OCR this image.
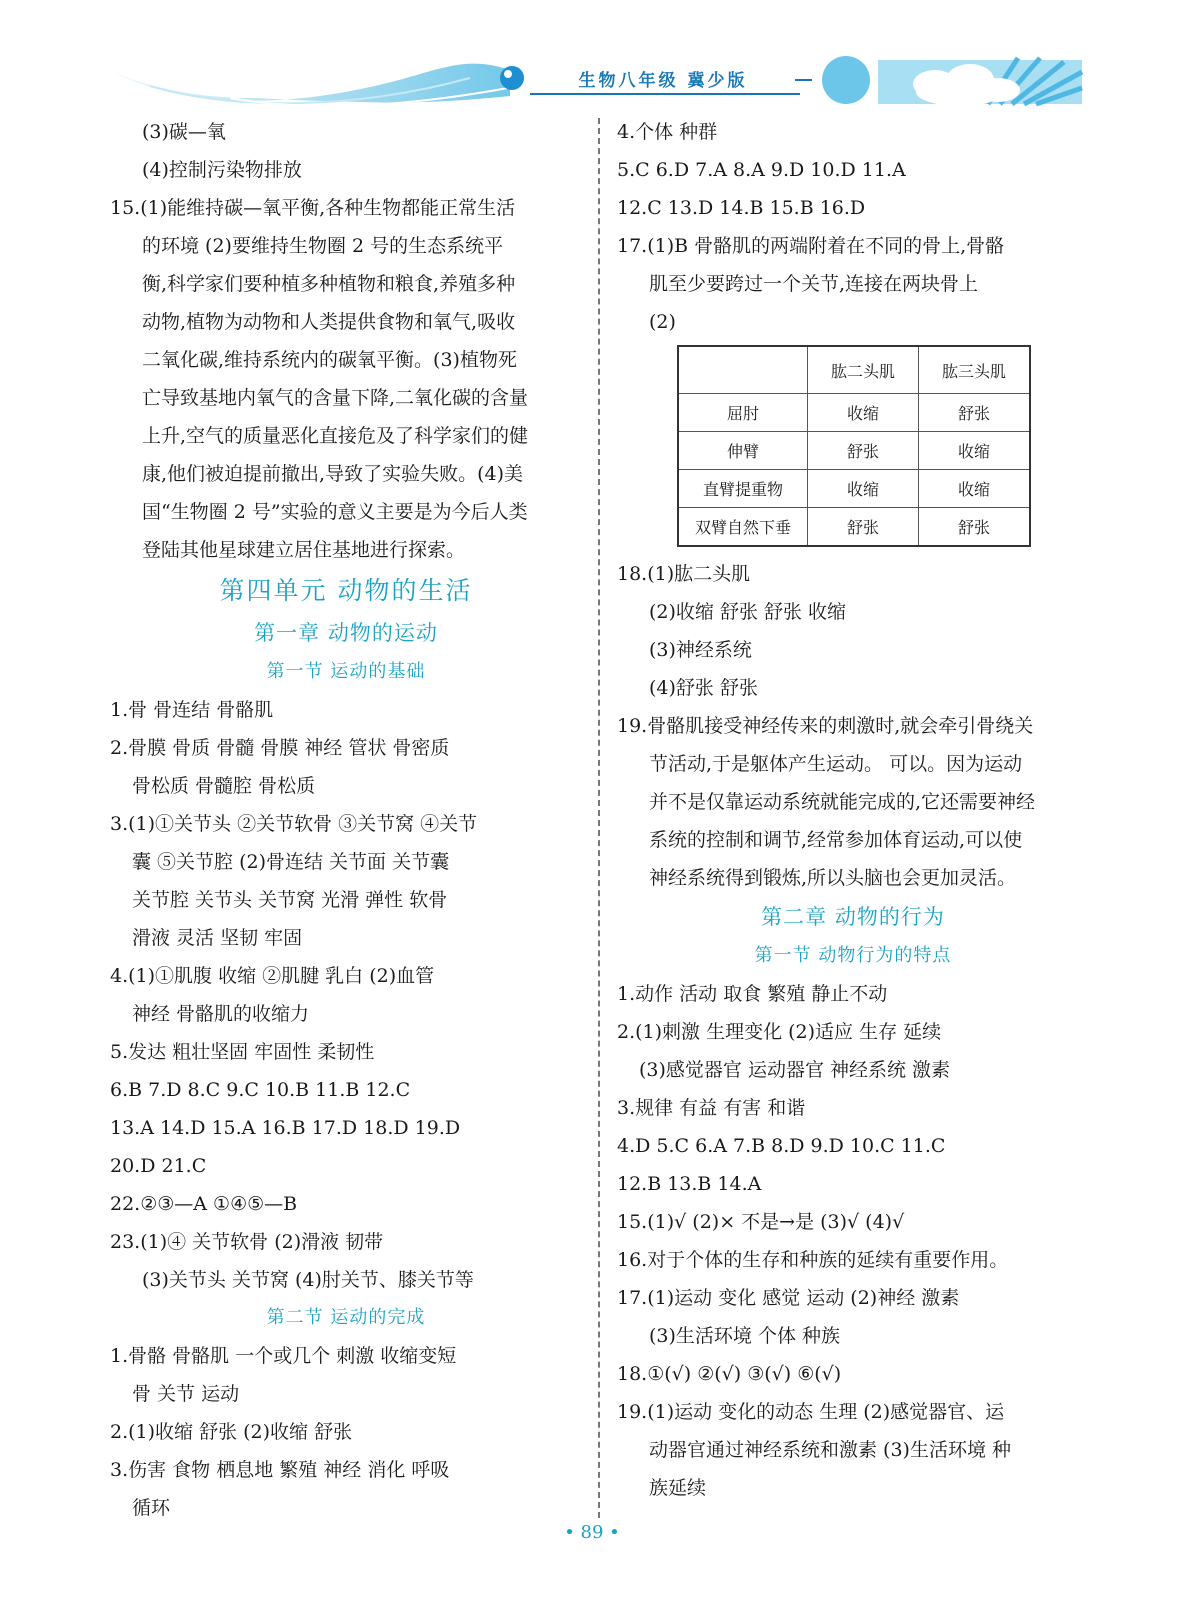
生物八年级 冀少版
(3)碳—氧
(4)控制污染物排放
15.(1)能维持碳—氧平衡,各种生物都能正常生活
的环境 (2)要维持生物圈 2 号的生态系统平
衡,科学家们要种植多种植物和粮食,养殖多种
动物,植物为动物和人类提供食物和氧气,吸收
二氧化碳,维持系统内的碳氧平衡。(3)植物死
亡导致基地内氧气的含量下降,二氧化碳的含量
上升,空气的质量恶化直接危及了科学家们的健
康,他们被迫提前撤出,导致了实验失败。(4)美
国“生物圈 2 号”实验的意义主要是为今后人类
登陆其他星球建立居住基地进行探索。
第四单元 动物的生活
第一章 动物的运动
第一节 运动的基础
1.骨 骨连结 骨骼肌
2.骨膜 骨质 骨髓 骨膜 神经 管状 骨密质
骨松质 骨髓腔 骨松质
3.(1)①关节头 ②关节软骨 ③关节窝 ④关节
囊 ⑤关节腔 (2)骨连结 关节面 关节囊
关节腔 关节头 关节窝 光滑 弹性 软骨
滑液 灵活 坚韧 牢固
4.(1)①肌腹 收缩 ②肌腱 乳白 (2)血管
神经 骨骼肌的收缩力
5.发达 粗壮坚固 牢固性 柔韧性
6.B 7.D 8.C 9.C 10.B 11.B 12.C
13.A 14.D 15.A 16.B 17.D 18.D 19.D
20.D 21.C
22.②③—A ①④⑤—B
23.(1)④ 关节软骨 (2)滑液 韧带
(3)关节头 关节窝 (4)肘关节、膝关节等
第二节 运动的完成
1.骨骼 骨骼肌 一个或几个 刺激 收缩变短
骨 关节 运动
2.(1)收缩 舒张 (2)收缩 舒张
3.伤害 食物 栖息地 繁殖 神经 消化 呼吸
循环
4.个体 种群
5.C 6.D 7.A 8.A 9.D 10.D 11.A
12.C 13.D 14.B 15.B 16.D
17.(1)B 骨骼肌的两端附着在不同的骨上,骨骼
肌至少要跨过一个关节,连接在两块骨上
(2)
	肱二头肌	肱三头肌
屈肘	收缩	舒张
伸臂	舒张	收缩
直臂提重物	收缩	收缩
双臂自然下垂	舒张	舒张
18.(1)肱二头肌
(2)收缩 舒张 舒张 收缩
(3)神经系统
(4)舒张 舒张
19.骨骼肌接受神经传来的刺激时,就会牵引骨绕关
节活动,于是躯体产生运动。 可以。因为运动
并不是仅靠运动系统就能完成的,它还需要神经
系统的控制和调节,经常参加体育运动,可以使
神经系统得到锻炼,所以头脑也会更加灵活。
第二章 动物的行为
第一节 动物行为的特点
1.动作 活动 取食 繁殖 静止不动
2.(1)刺激 生理变化 (2)适应 生存 延续
(3)感觉器官 运动器官 神经系统 激素
3.规律 有益 有害 和谐
4.D 5.C 6.A 7.B 8.D 9.D 10.C 11.C
12.B 13.B 14.A
15.(1)√ (2)× 不是→是 (3)√ (4)√
16.对于个体的生存和种族的延续有重要作用。
17.(1)运动 变化 感觉 运动 (2)神经 激素
(3)生活环境 个体 种族
18.①(√) ②(√) ③(√) ⑥(√)
19.(1)运动 变化的动态 生理 (2)感觉器官、运
动器官通过神经系统和激素 (3)生活环境 种
族延续
• 89 •
